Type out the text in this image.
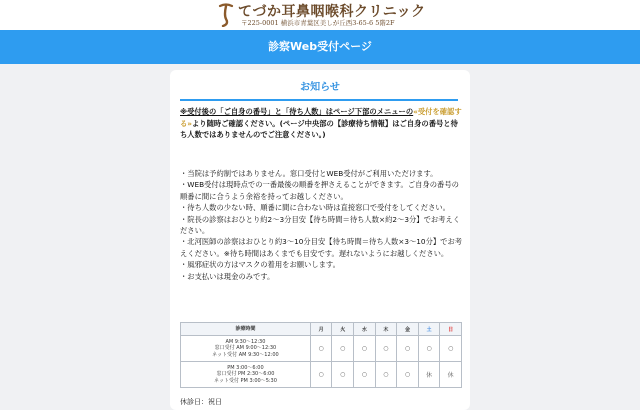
てづか耳鼻咽喉科クリニック
〒225-0001 横浜市青葉区美しが丘西3-65-6 5階2F
診察Web受付ページ
お知らせ
※受付後の「ご自身の番号」と「待ち人数」はページ下部のメニューの«受付を確認する»より随時ご確認ください。(ページ中央部の【診療待ち情報】はご自身の番号と待ち人数ではありませんのでご注意ください。)
・当院は予約制ではありません。窓口受付とWEB受付がご利用いただけます。
・WEB受付は現時点での一番最後の順番を押さえることができます。ご自身の番号の順番に間に合うよう余裕を持ってお越しください。
・待ち人数の少ない時、順番に間に合わない時は直接窓口で受付をしてください。
・院長の診察はおひとり約2〜3分目安【待ち時間＝待ち人数×約2〜3分】でお考えください。
・北河医師の診察はおひとり約3〜10分目安【待ち時間＝待ち人数×3〜10分】でお考えください。※待ち時間はあくまでも目安です。遅れないようにお越しください。
・風邪症状の方はマスクの着用をお願いします。
・お支払いは現金のみです。
診療時間	月	火	水	木	金	土	日

AM 9:30〜12:30
窓口受付 AM 9:00〜12:30
ネット受付 AM 9:30〜12:00	○	○	○	○	○	○	○

PM 3:00〜6:00
窓口受付 PM 2:30〜6:00
ネット受付 PM 3:00〜5:30	○	○	○	○	○	休	休
休診日：祝日
